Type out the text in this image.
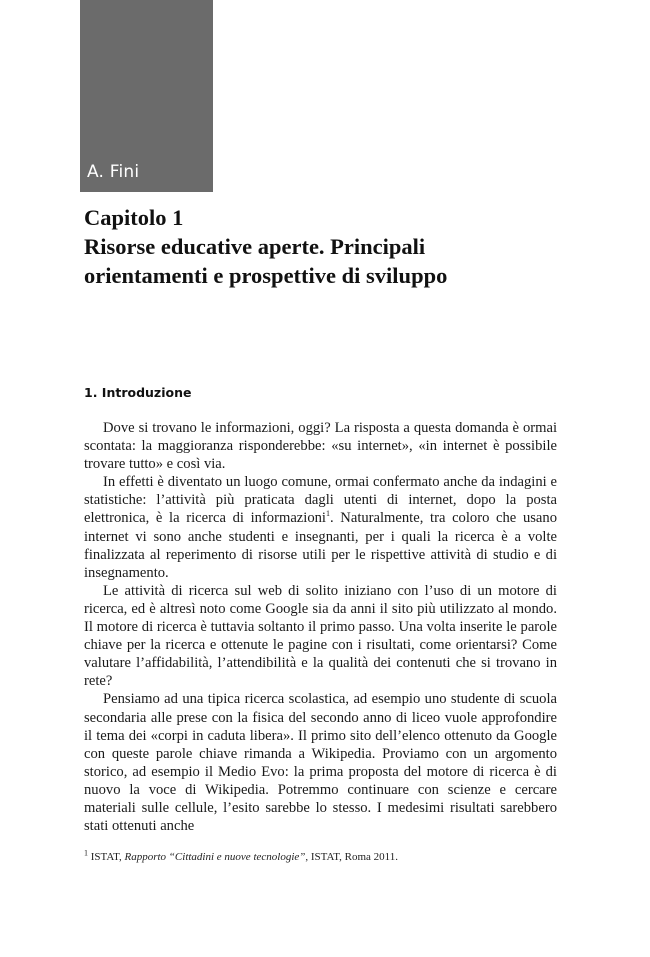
A. Fini
Capitolo 1
Risorse educative aperte. Principali
orientamenti e prospettive di sviluppo
1. Introduzione

Dove si trovano le informazioni, oggi? La risposta a questa domanda è ormai scontata: la maggioranza risponderebbe: «su internet», «in internet è possibile trovare tutto» e così via.

In effetti è diventato un luogo comune, ormai confermato anche da indagini e statistiche: l’attività più praticata dagli utenti di internet, dopo la posta elettronica, è la ricerca di informazioni$^1$. Naturalmente, tra coloro che usano internet vi sono anche studenti e insegnanti, per i quali la ricerca è a volte finalizzata al reperimento di risorse utili per le rispettive attività di studio e di insegnamento.

Le attività di ricerca sul web di solito iniziano con l’uso di un motore di ricerca, ed è altresì noto come Google sia da anni il sito più utilizzato al mondo. Il motore di ricerca è tuttavia soltanto il primo passo. Una volta inserite le parole chiave per la ricerca e ottenute le pagine con i risultati, come orientarsi? Come valutare l’affidabilità, l’attendibilità e la qualità dei contenuti che si trovano in rete?

Pensiamo ad una tipica ricerca scolastica, ad esempio uno studente di scuola secondaria alle prese con la fisica del secondo anno di liceo vuole approfondire il tema dei «corpi in caduta libera». Il primo sito dell’elenco ottenuto da Google con queste parole chiave rimanda a Wikipedia. Proviamo con un argomento storico, ad esempio il Medio Evo: la prima proposta del motore di ricerca è di nuovo la voce di Wikipedia. Potremmo continuare con scienze e cercare materiali sulle cellule, l’esito sarebbe lo stesso. I medesimi risultati sarebbero stati ottenuti anche

$^1$ ISTAT, Rapporto “Cittadini e nuove tecnologie”, ISTAT, Roma 2011.
